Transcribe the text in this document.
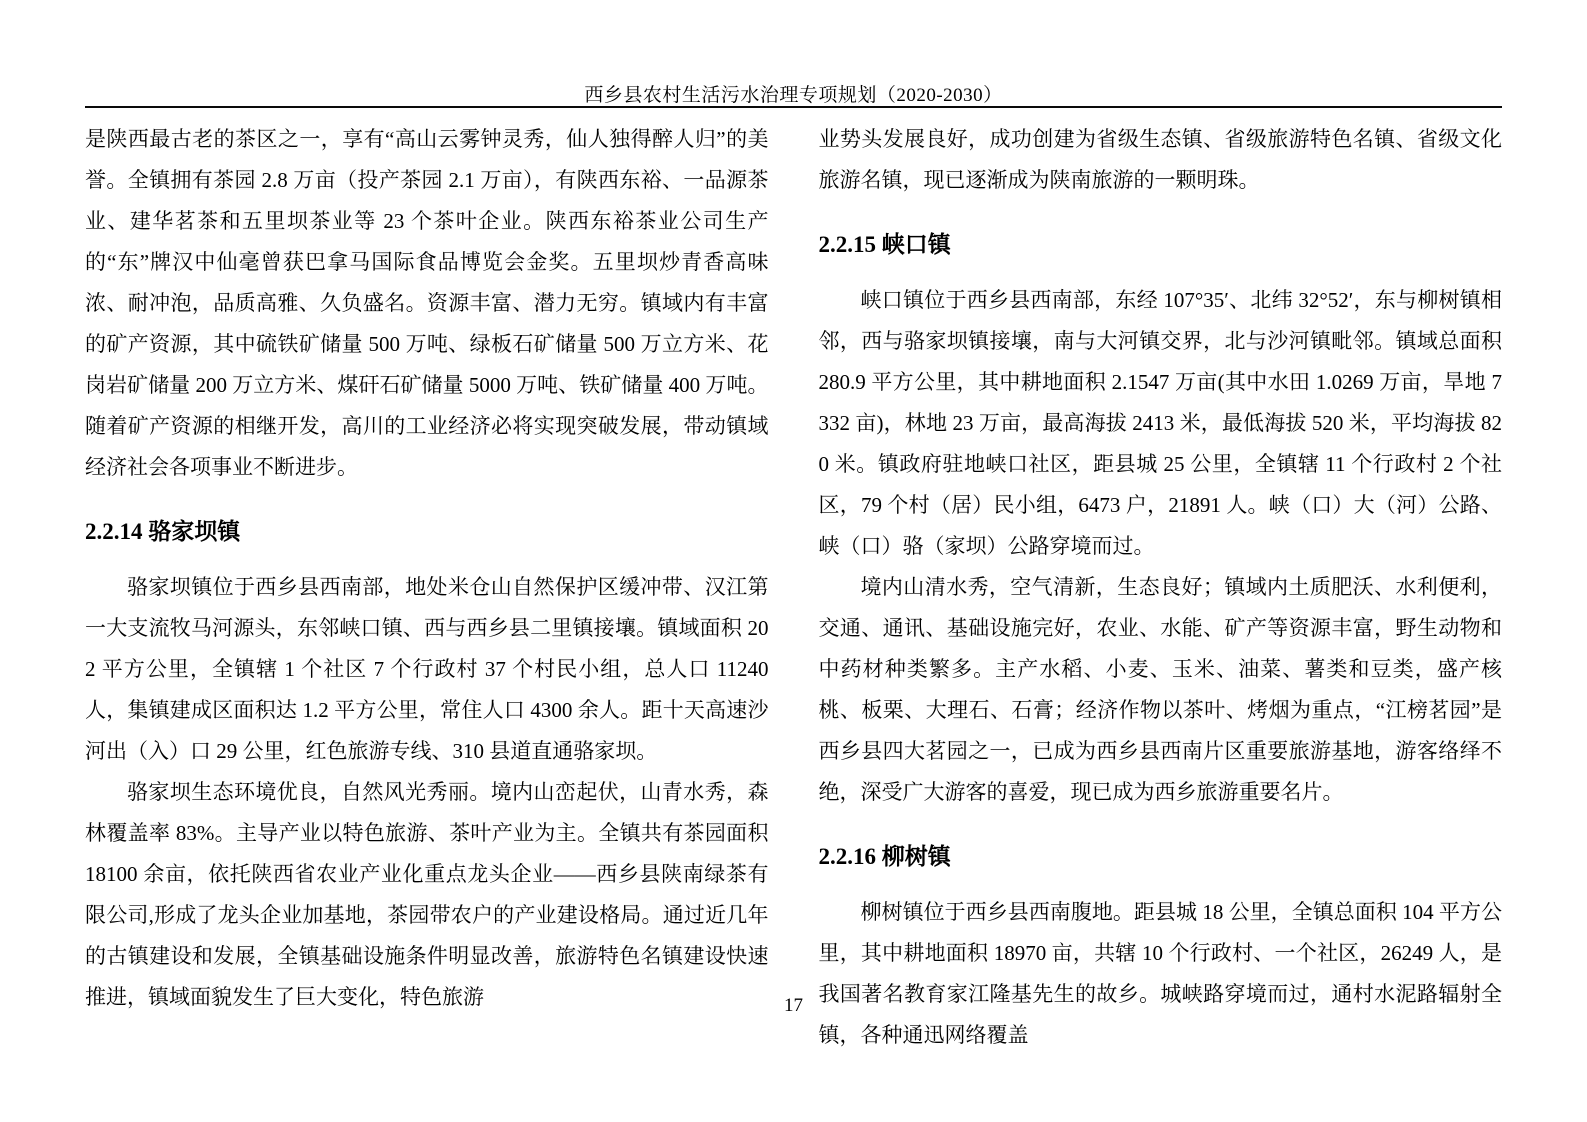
西乡县农村生活污水治理专项规划（2020-2030）

是陕西最古老的茶区之一，享有“高山云雾钟灵秀，仙人独得醉人归”的美誉。全镇拥有茶园 2.8 万亩（投产茶园 2.1 万亩），有陕西东裕、一品源茶业、建华茗茶和五里坝茶业等 23 个茶叶企业。陕西东裕茶业公司生产的“东”牌汉中仙毫曾获巴拿马国际食品博览会金奖。五里坝炒青香高味浓、耐冲泡，品质高雅、久负盛名。资源丰富、潜力无穷。镇域内有丰富的矿产资源，其中硫铁矿储量 500 万吨、绿板石矿储量 500 万立方米、花岗岩矿储量 200 万立方米、煤矸石矿储量 5000 万吨、铁矿储量 400 万吨。随着矿产资源的相继开发，高川的工业经济必将实现突破发展，带动镇域经济社会各项事业不断进步。

2.2.14 骆家坝镇

骆家坝镇位于西乡县西南部，地处米仓山自然保护区缓冲带、汉江第一大支流牧马河源头，东邻峡口镇、西与西乡县二里镇接壤。镇域面积 202 平方公里，全镇辖 1 个社区 7 个行政村 37 个村民小组，总人口 11240 人，集镇建成区面积达 1.2 平方公里，常住人口 4300 余人。距十天高速沙河出（入）口 29 公里，红色旅游专线、310 县道直通骆家坝。

骆家坝生态环境优良，自然风光秀丽。境内山峦起伏，山青水秀，森林覆盖率 83%。主导产业以特色旅游、茶叶产业为主。全镇共有茶园面积 18100 余亩，依托陕西省农业产业化重点龙头企业——西乡县陕南绿茶有限公司,形成了龙头企业加基地，茶园带农户的产业建设格局。通过近几年的古镇建设和发展，全镇基础设施条件明显改善，旅游特色名镇建设快速推进，镇域面貌发生了巨大变化，特色旅游

业势头发展良好，成功创建为省级生态镇、省级旅游特色名镇、省级文化旅游名镇，现已逐渐成为陕南旅游的一颗明珠。

2.2.15 峡口镇

峡口镇位于西乡县西南部，东经 107°35′、北纬 32°52′，东与柳树镇相邻，西与骆家坝镇接壤，南与大河镇交界，北与沙河镇毗邻。镇域总面积 280.9 平方公里，其中耕地面积 2.1547 万亩(其中水田 1.0269 万亩，旱地 7332 亩)，林地 23 万亩，最高海拔 2413 米，最低海拔 520 米，平均海拔 820 米。镇政府驻地峡口社区，距县城 25 公里，全镇辖 11 个行政村 2 个社区，79 个村（居）民小组，6473 户，21891 人。峡（口）大（河）公路、峡（口）骆（家坝）公路穿境而过。

境内山清水秀，空气清新，生态良好；镇域内土质肥沃、水利便利，交通、通讯、基础设施完好，农业、水能、矿产等资源丰富，野生动物和中药材种类繁多。主产水稻、小麦、玉米、油菜、薯类和豆类，盛产核桃、板栗、大理石、石膏；经济作物以茶叶、烤烟为重点，“江榜茗园”是西乡县四大茗园之一，已成为西乡县西南片区重要旅游基地，游客络绎不绝，深受广大游客的喜爱，现已成为西乡旅游重要名片。

2.2.16 柳树镇

柳树镇位于西乡县西南腹地。距县城 18 公里，全镇总面积 104 平方公里，其中耕地面积 18970 亩，共辖 10 个行政村、一个社区，26249 人，是我国著名教育家江隆基先生的故乡。城峡路穿境而过，通村水泥路辐射全镇，各种通迅网络覆盖

17
